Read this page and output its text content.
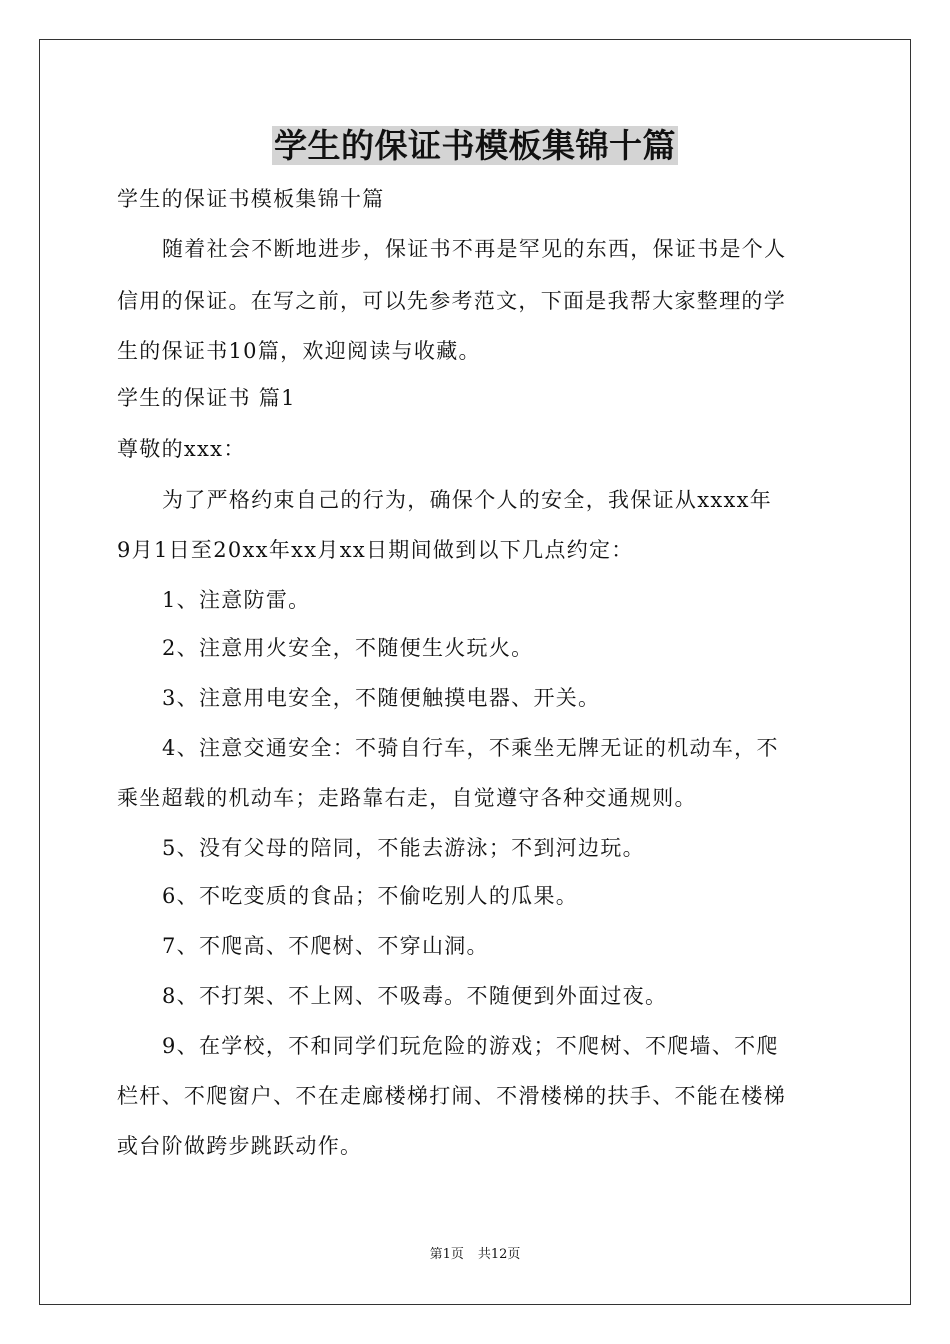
学生的保证书模板集锦十篇
学生的保证书模板集锦十篇
随着社会不断地进步，保证书不再是罕见的东西，保证书是个人
信用的保证。在写之前，可以先参考范文，下面是我帮大家整理的学
生的保证书10篇，欢迎阅读与收藏。
学生的保证书 篇1
尊敬的xxx：
为了严格约束自己的行为，确保个人的安全，我保证从xxxx年
9月1日至20xx年xx月xx日期间做到以下几点约定：
1、注意防雷。
2、注意用火安全，不随便生火玩火。
3、注意用电安全，不随便触摸电器、开关。
4、注意交通安全：不骑自行车，不乘坐无牌无证的机动车，不
乘坐超载的机动车；走路靠右走，自觉遵守各种交通规则。
5、没有父母的陪同，不能去游泳；不到河边玩。
6、不吃变质的食品；不偷吃别人的瓜果。
7、不爬高、不爬树、不穿山洞。
8、不打架、不上网、不吸毒。不随便到外面过夜。
9、在学校，不和同学们玩危险的游戏；不爬树、不爬墙、不爬
栏杆、不爬窗户、不在走廊楼梯打闹、不滑楼梯的扶手、不能在楼梯
或台阶做跨步跳跃动作。
第1页 共12页
